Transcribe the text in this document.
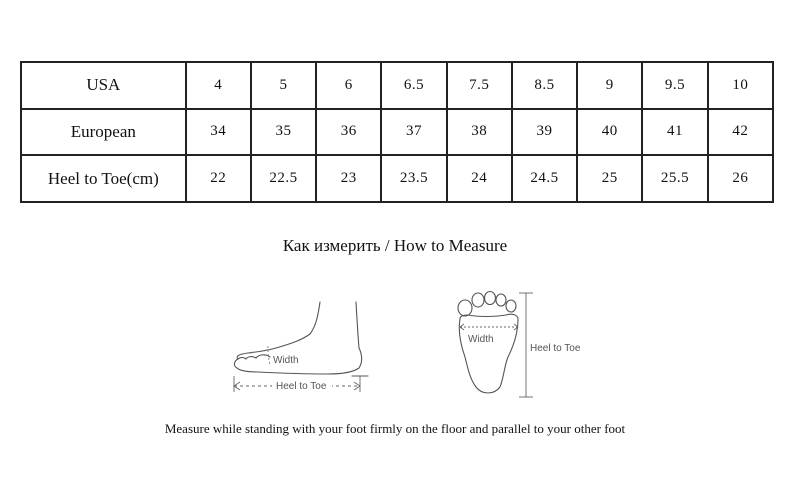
USA	4	5	6	6.5	7.5	8.5	9	9.5	10
European	34	35	36	37	38	39	40	41	42
Heel to Toe(cm)	22	22.5	23	23.5	24	24.5	25	25.5	26
Как измерить / How to Measure
Width
Heel to Toe
Width
Heel to Toe
Measure while standing with your foot firmly on the floor and parallel to your other foot
